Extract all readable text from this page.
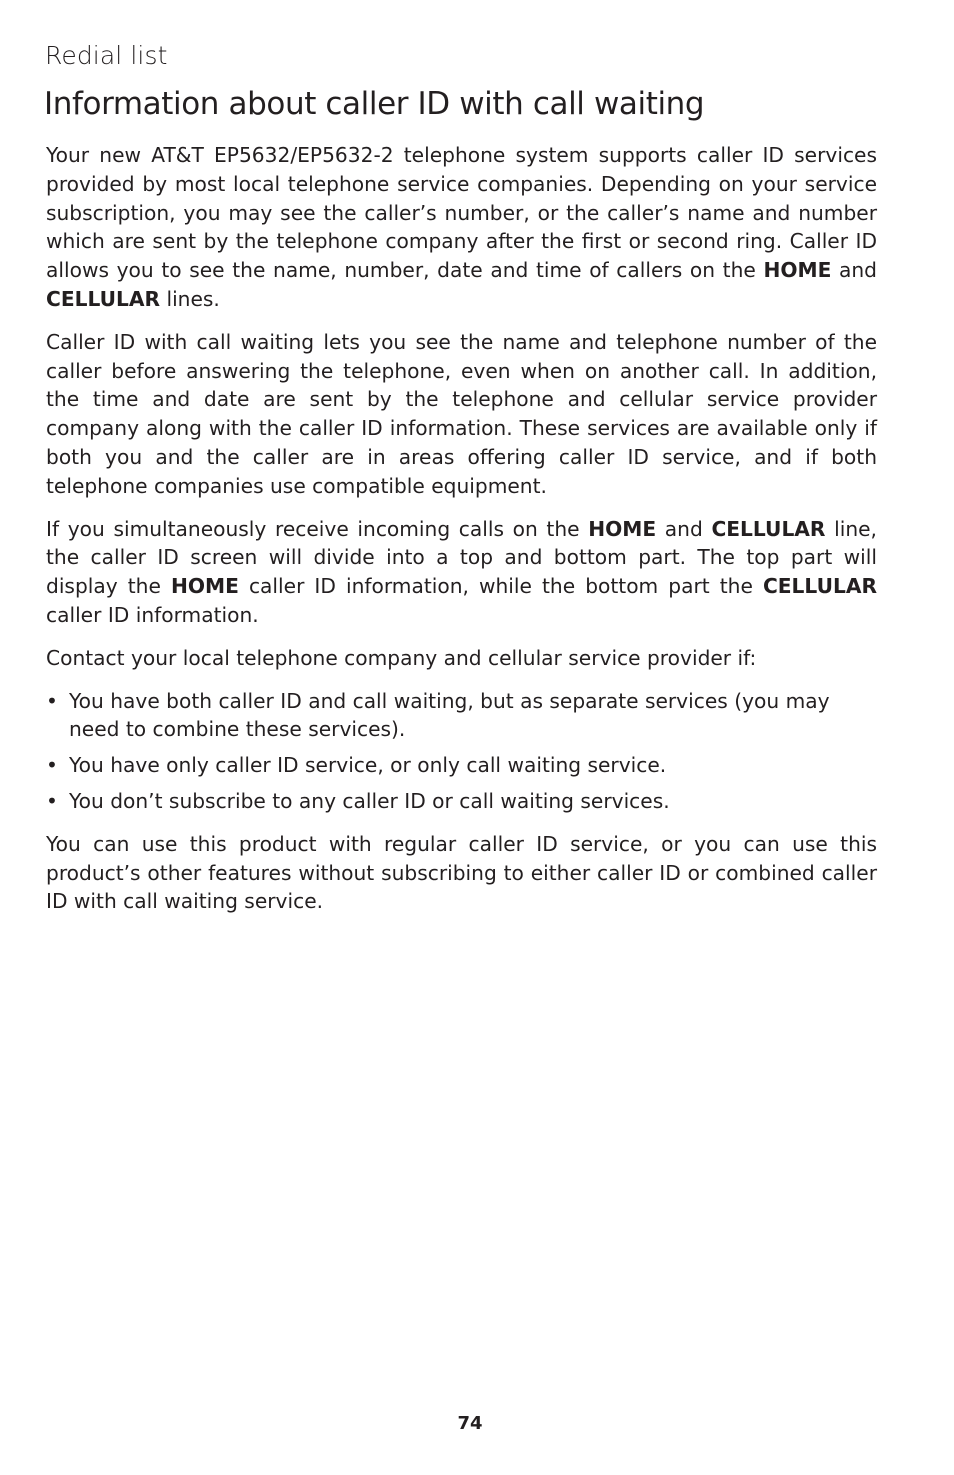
Redial list
Information about caller ID with call waiting

Your new AT&T EP5632/EP5632-2 telephone system supports caller ID services provided by most local telephone service companies. Depending on your service subscription, you may see the caller’s number, or the caller’s name and number which are sent by the telephone company after the first or second ring. Caller ID allows you to see the name, number, date and time of callers on the HOME and CELLULAR lines.

Caller ID with call waiting lets you see the name and telephone number of the caller before answering the telephone, even when on another call. In addition, the time and date are sent by the telephone and cellular service provider company along with the caller ID information. These services are available only if both you and the caller are in areas offering caller ID service, and if both telephone companies use compatible equipment.

If you simultaneously receive incoming calls on the HOME and CELLULAR line, the caller ID screen will divide into a top and bottom part. The top part will display the HOME caller ID information, while the bottom part the CELLULAR caller ID information.

Contact your local telephone company and cellular service provider if:

• You have both caller ID and call waiting, but as separate services (you may need to combine these services).
• You have only caller ID service, or only call waiting service.
• You don’t subscribe to any caller ID or call waiting services.

You can use this product with regular caller ID service, or you can use this product’s other features without subscribing to either caller ID or combined caller ID with call waiting service.

74
